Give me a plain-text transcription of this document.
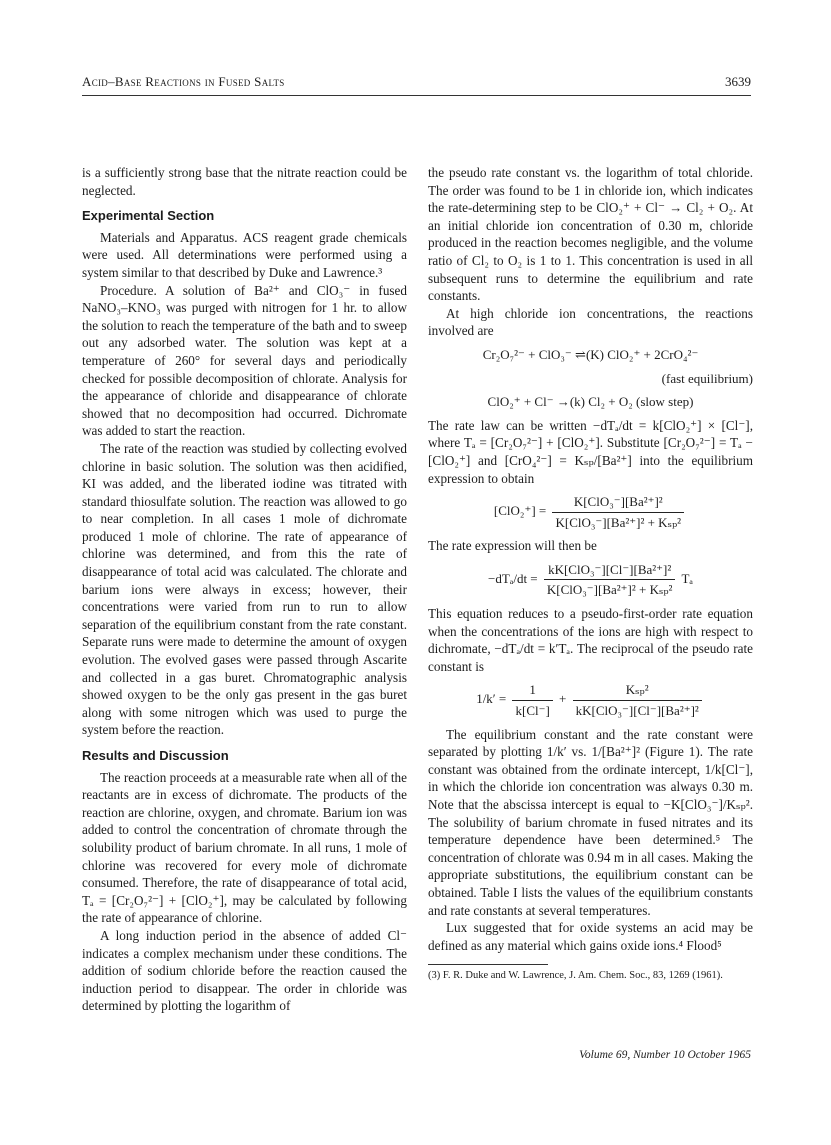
Acid–Base Reactions in Fused Salts	3639

is a sufficiently strong base that the nitrate reaction could be neglected.

Experimental Section

Materials and Apparatus. ACS reagent grade chemicals were used. All determinations were performed using a system similar to that described by Duke and Lawrence.³

Procedure. A solution of Ba²⁺ and ClO₃⁻ in fused NaNO₃–KNO₃ was purged with nitrogen for 1 hr. to allow the solution to reach the temperature of the bath and to sweep out any adsorbed water. The solution was kept at a temperature of 260° for several days and periodically checked for possible decomposition of chlorate. Analysis for the appearance of chloride and disappearance of chlorate showed that no decomposition had occurred. Dichromate was added to start the reaction.

The rate of the reaction was studied by collecting evolved chlorine in basic solution. The solution was then acidified, KI was added, and the liberated iodine was titrated with standard thiosulfate solution. The reaction was allowed to go to near completion. In all cases 1 mole of dichromate produced 1 mole of chlorine. The rate of appearance of chlorine was determined, and from this the rate of disappearance of total acid was calculated. The chlorate and barium ions were always in excess; however, their concentrations were varied from run to run to allow separation of the equilibrium constant from the rate constant. Separate runs were made to determine the amount of oxygen evolution. The evolved gases were passed through Ascarite and collected in a gas buret. Chromatographic analysis showed oxygen to be the only gas present in the gas buret along with some nitrogen which was used to purge the system before the reaction.

Results and Discussion

The reaction proceeds at a measurable rate when all of the reactants are in excess of dichromate. The products of the reaction are chlorine, oxygen, and chromate. Barium ion was added to control the concentration of chromate through the solubility product of barium chromate. In all runs, 1 mole of chlorine was recovered for every mole of dichromate consumed. Therefore, the rate of disappearance of total acid, Tₐ = [Cr₂O₇²⁻] + [ClO₂⁺], may be calculated by following the rate of appearance of chlorine.

A long induction period in the absence of added Cl⁻ indicates a complex mechanism under these conditions. The addition of sodium chloride before the reaction caused the induction period to disappear. The order in chloride was determined by plotting the logarithm of

the pseudo rate constant vs. the logarithm of total chloride. The order was found to be 1 in chloride ion, which indicates the rate-determining step to be ClO₂⁺ + Cl⁻ → Cl₂ + O₂. At an initial chloride ion concentration of 0.30 m, chloride produced in the reaction becomes negligible, and the volume ratio of Cl₂ to O₂ is 1 to 1. This concentration is used in all subsequent runs to determine the equilibrium and rate constants.

At high chloride ion concentrations, the reactions involved are

Cr₂O₇²⁻ + ClO₃⁻ ⇌(K) ClO₂⁺ + 2CrO₄²⁻
(fast equilibrium)
ClO₂⁺ + Cl⁻ →(k) Cl₂ + O₂ (slow step)

The rate law can be written −dTₐ/dt = k[ClO₂⁺] × [Cl⁻], where Tₐ = [Cr₂O₇²⁻] + [ClO₂⁺]. Substitute [Cr₂O₇²⁻] = Tₐ − [ClO₂⁺] and [CrO₄²⁻] = Kₛₚ/[Ba²⁺] into the equilibrium expression to obtain

$[ClO_2^+] = \frac{\text{K[ClO₃⁻][Ba²⁺]²}}{\text{K[ClO₃⁻][Ba²⁺]² + Kₛₚ²}}$

The rate expression will then be

$-dT_a/dt = \frac{\text{kK[ClO₃⁻][Cl⁻][Ba²⁺]²}}{\text{K[ClO₃⁻][Ba²⁺]² + Kₛₚ²}}$ Tₐ

This equation reduces to a pseudo-first-order rate equation when the concentrations of the ions are high with respect to dichromate, −dTₐ/dt = k′Tₐ. The reciprocal of the pseudo rate constant is

$1/k' = \frac{1}{k[Cl^-]} + \frac{\text{Kₛₚ²}}{\text{kK[ClO₃⁻][Cl⁻][Ba²⁺]²}}$

The equilibrium constant and the rate constant were separated by plotting 1/k′ vs. 1/[Ba²⁺]² (Figure 1). The rate constant was obtained from the ordinate intercept, 1/k[Cl⁻], in which the chloride ion concentration was always 0.30 m. Note that the abscissa intercept is equal to −K[ClO₃⁻]/Kₛₚ². The solubility of barium chromate in fused nitrates and its temperature dependence have been determined.⁵ The concentration of chlorate was 0.94 m in all cases. Making the appropriate substitutions, the equilibrium constant can be obtained. Table I lists the values of the equilibrium constants and rate constants at several temperatures.

Lux suggested that for oxide systems an acid may be defined as any material which gains oxide ions.⁴ Flood⁵

(3) F. R. Duke and W. Lawrence, J. Am. Chem. Soc., 83, 1269 (1961).

Volume 69, Number 10 October 1965
